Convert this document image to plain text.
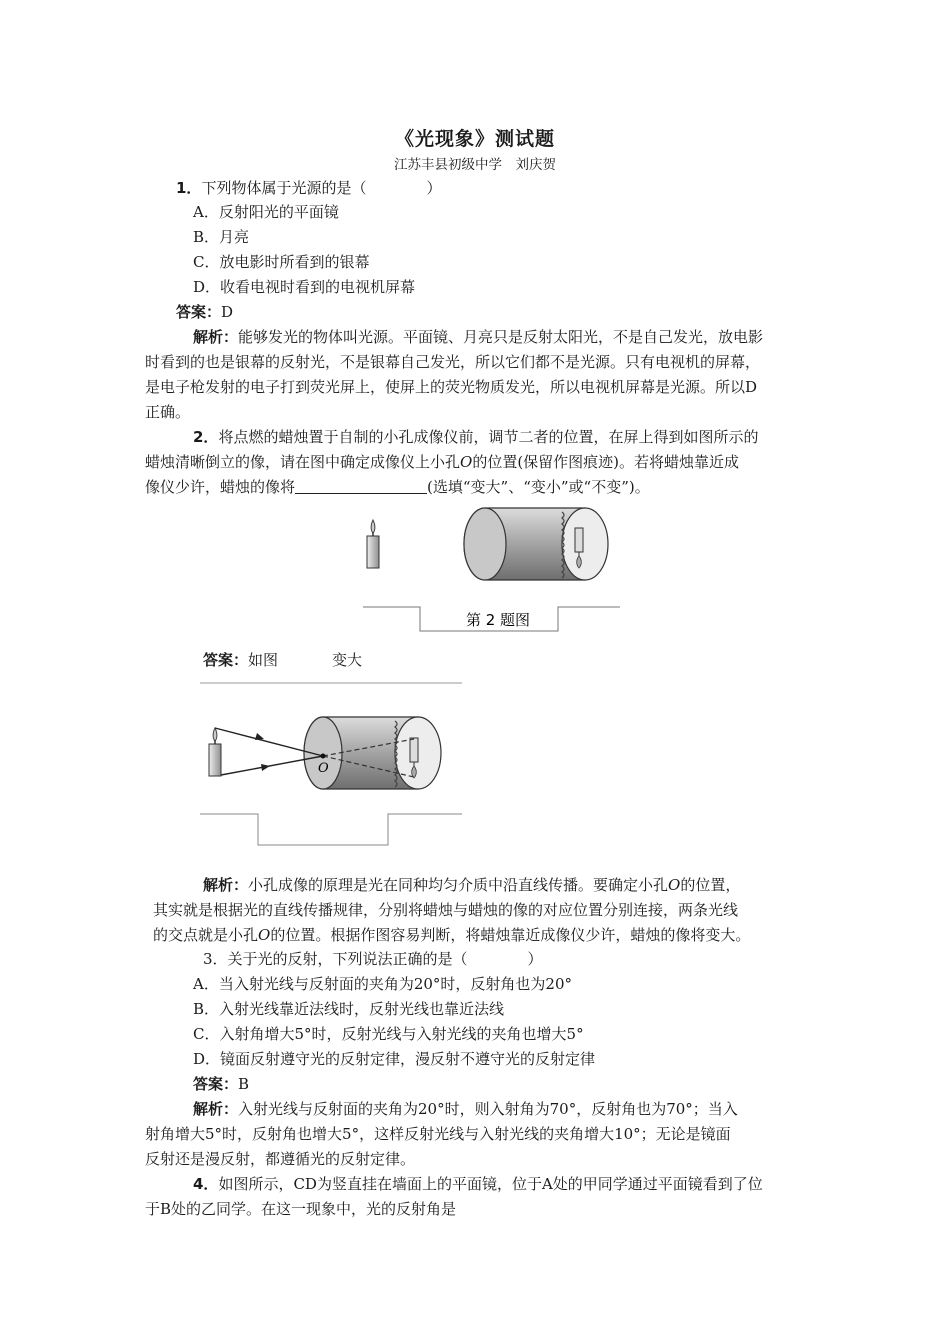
《光现象》测试题
江苏丰县初级中学　刘庆贺
1．下列物体属于光源的是（　　　　）
A．反射阳光的平面镜
B．月亮
C．放电影时所看到的银幕
D．收看电视时看到的电视机屏幕
答案：D
解析：能够发光的物体叫光源。平面镜、月亮只是反射太阳光，不是自己发光，放电影
时看到的也是银幕的反射光，不是银幕自己发光，所以它们都不是光源。只有电视机的屏幕，
是电子枪发射的电子打到荧光屏上，使屏上的荧光物质发光，所以电视机屏幕是光源。所以D
正确。
2．将点燃的蜡烛置于自制的小孔成像仪前，调节二者的位置，在屏上得到如图所示的
蜡烛清晰倒立的像，请在图中确定成像仪上小孔O的位置(保留作图痕迹)。若将蜡烛靠近成
像仪少许，蜡烛的像将	(选填“变大”、“变小”或“不变”)。
第 2 题图
答案：如图	变大
O
解析：小孔成像的原理是光在同种均匀介质中沿直线传播。要确定小孔O的位置，
其实就是根据光的直线传播规律，分别将蜡烛与蜡烛的像的对应位置分别连接，两条光线
的交点就是小孔O的位置。根据作图容易判断，将蜡烛靠近成像仪少许，蜡烛的像将变大。
3．关于光的反射，下列说法正确的是（　　　　）
A．当入射光线与反射面的夹角为20°时，反射角也为20°
B．入射光线靠近法线时，反射光线也靠近法线
C．入射角增大5°时，反射光线与入射光线的夹角也增大5°
D．镜面反射遵守光的反射定律，漫反射不遵守光的反射定律
答案：B
解析：入射光线与反射面的夹角为20°时，则入射角为70°，反射角也为70°；当入
射角增大5°时，反射角也增大5°，这样反射光线与入射光线的夹角增大10°；无论是镜面
反射还是漫反射，都遵循光的反射定律。
4．如图所示，CD为竖直挂在墙面上的平面镜，位于A处的甲同学通过平面镜看到了位
于B处的乙同学。在这一现象中，光的反射角是
